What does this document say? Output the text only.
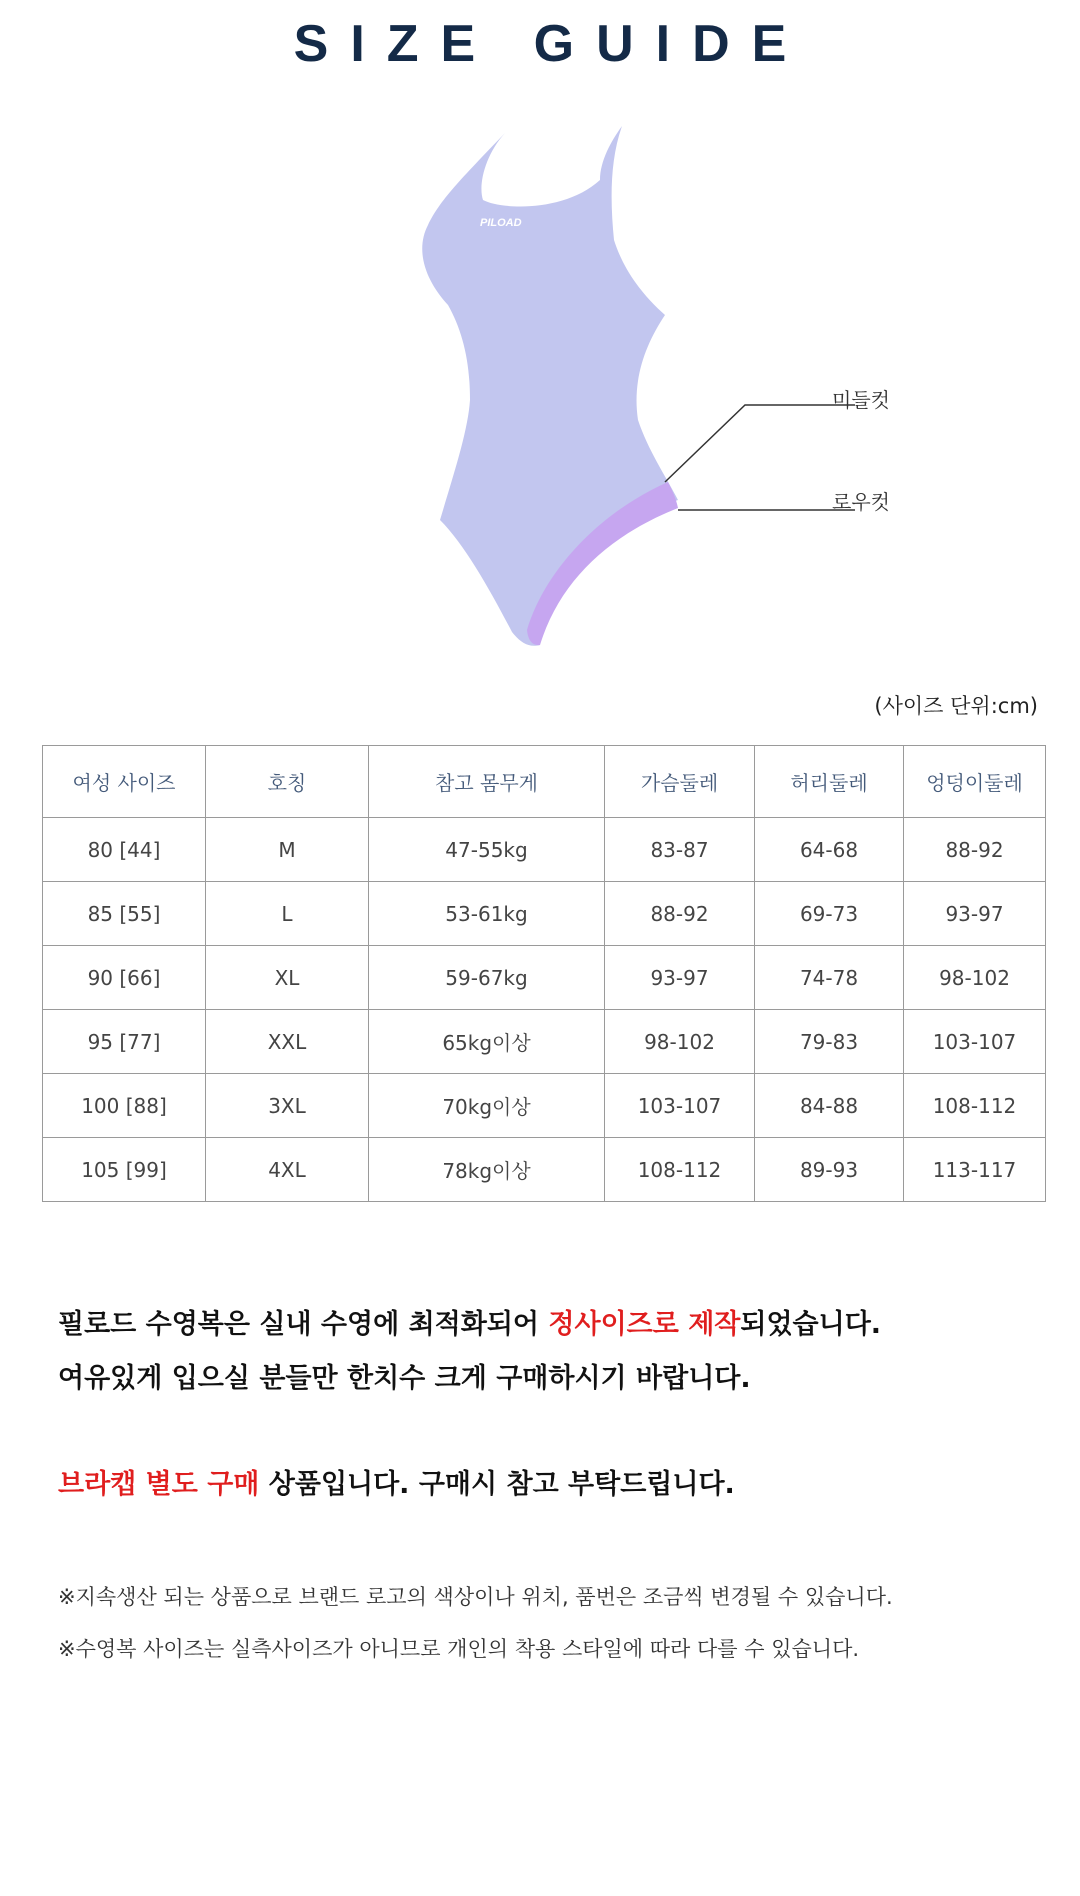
SIZE GUIDE
PILOAD
미들컷
로우컷
(사이즈 단위:cm)
여성 사이즈	호칭	참고 몸무게	가슴둘레	허리둘레	엉덩이둘레
80 [44]	M	47-55kg	83-87	64-68	88-92
85 [55]	L	53-61kg	88-92	69-73	93-97
90 [66]	XL	59-67kg	93-97	74-78	98-102
95 [77]	XXL	65kg이상	98-102	79-83	103-107
100 [88]	3XL	70kg이상	103-107	84-88	108-112
105 [99]	4XL	78kg이상	108-112	89-93	113-117
필로드 수영복은 실내 수영에 최적화되어 정사이즈로 제작되었습니다.
여유있게 입으실 분들만 한치수 크게 구매하시기 바랍니다.
브라캡 별도 구매 상품입니다. 구매시 참고 부탁드립니다.
※지속생산 되는 상품으로 브랜드 로고의 색상이나 위치, 품번은 조금씩 변경될 수 있습니다.
※수영복 사이즈는 실측사이즈가 아니므로 개인의 착용 스타일에 따라 다를 수 있습니다.
